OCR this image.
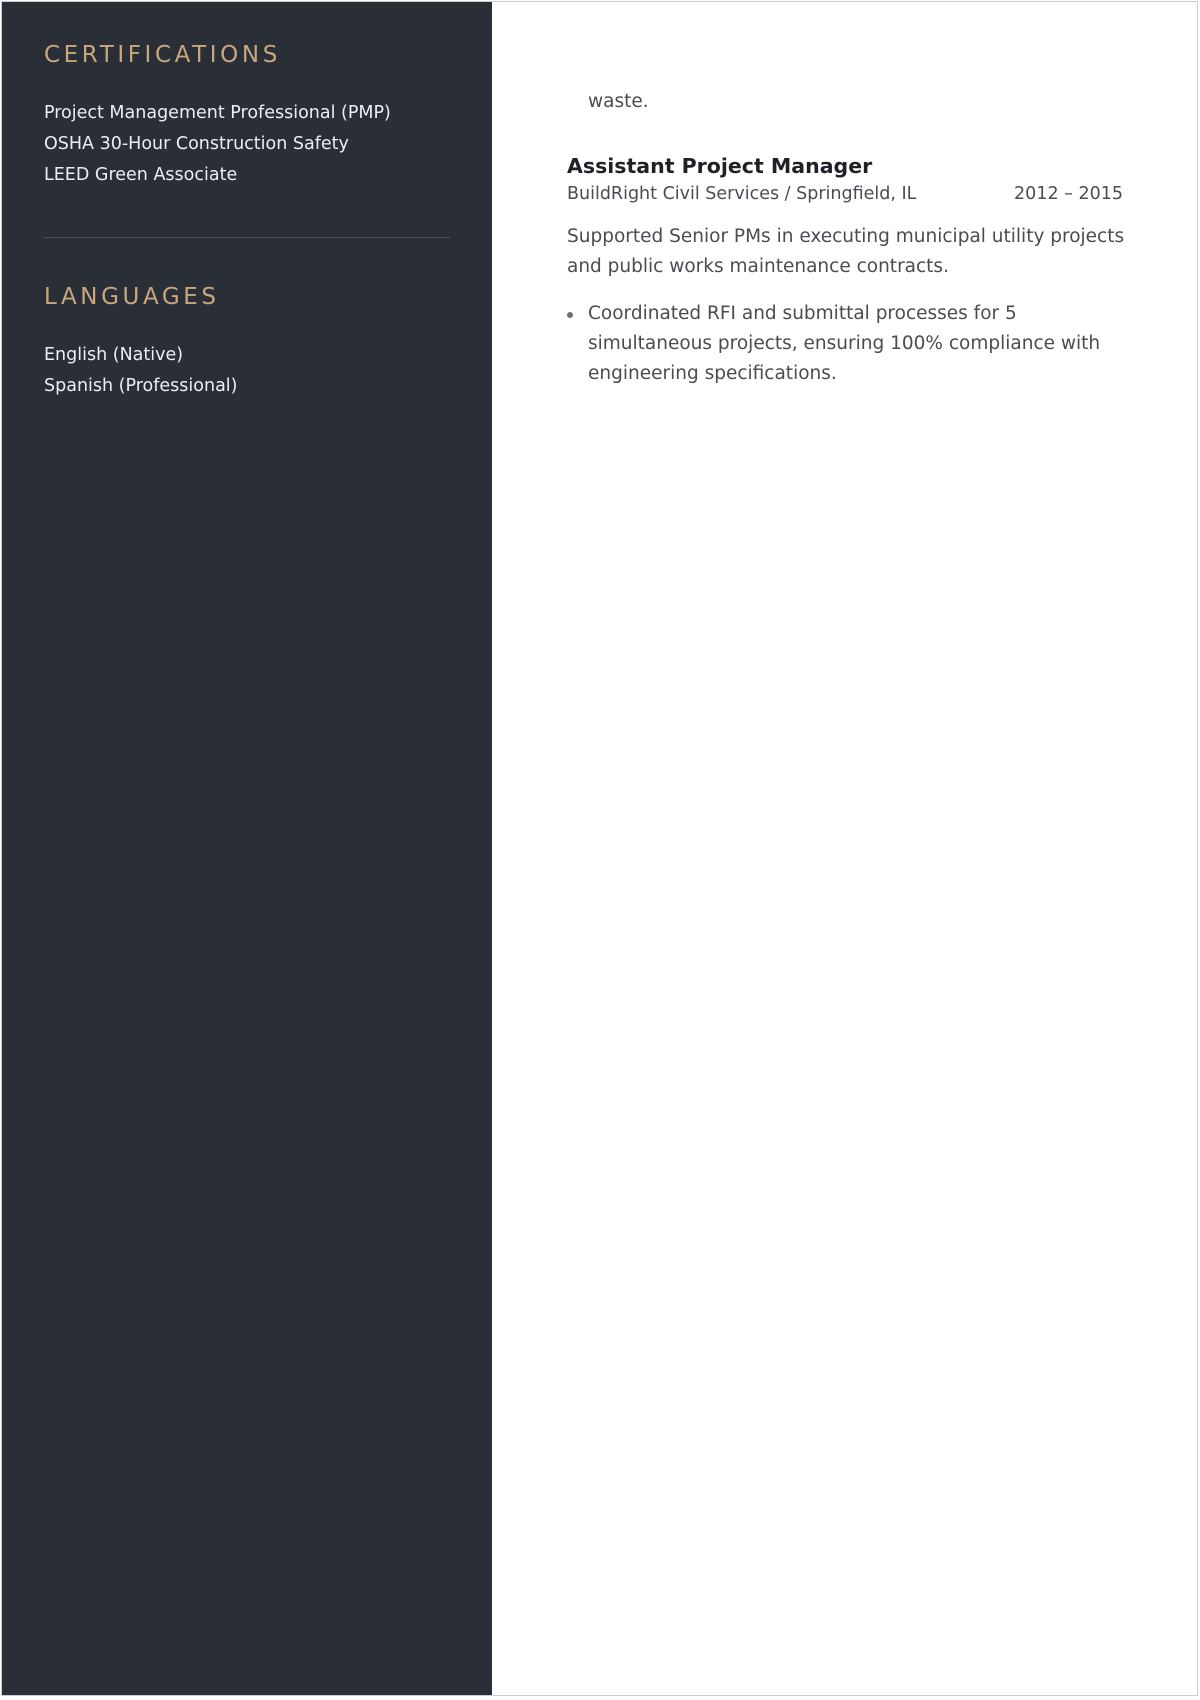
CERTIFICATIONS
Project Management Professional (PMP)
OSHA 30-Hour Construction Safety
LEED Green Associate
LANGUAGES
English (Native)
Spanish (Professional)

waste.

Assistant Project Manager
BuildRight Civil Services / Springfield, IL	2012 – 2015

Supported Senior PMs in executing municipal utility projects and public works maintenance contracts.

Coordinated RFI and submittal processes for 5 simultaneous projects, ensuring 100% compliance with engineering specifications.
